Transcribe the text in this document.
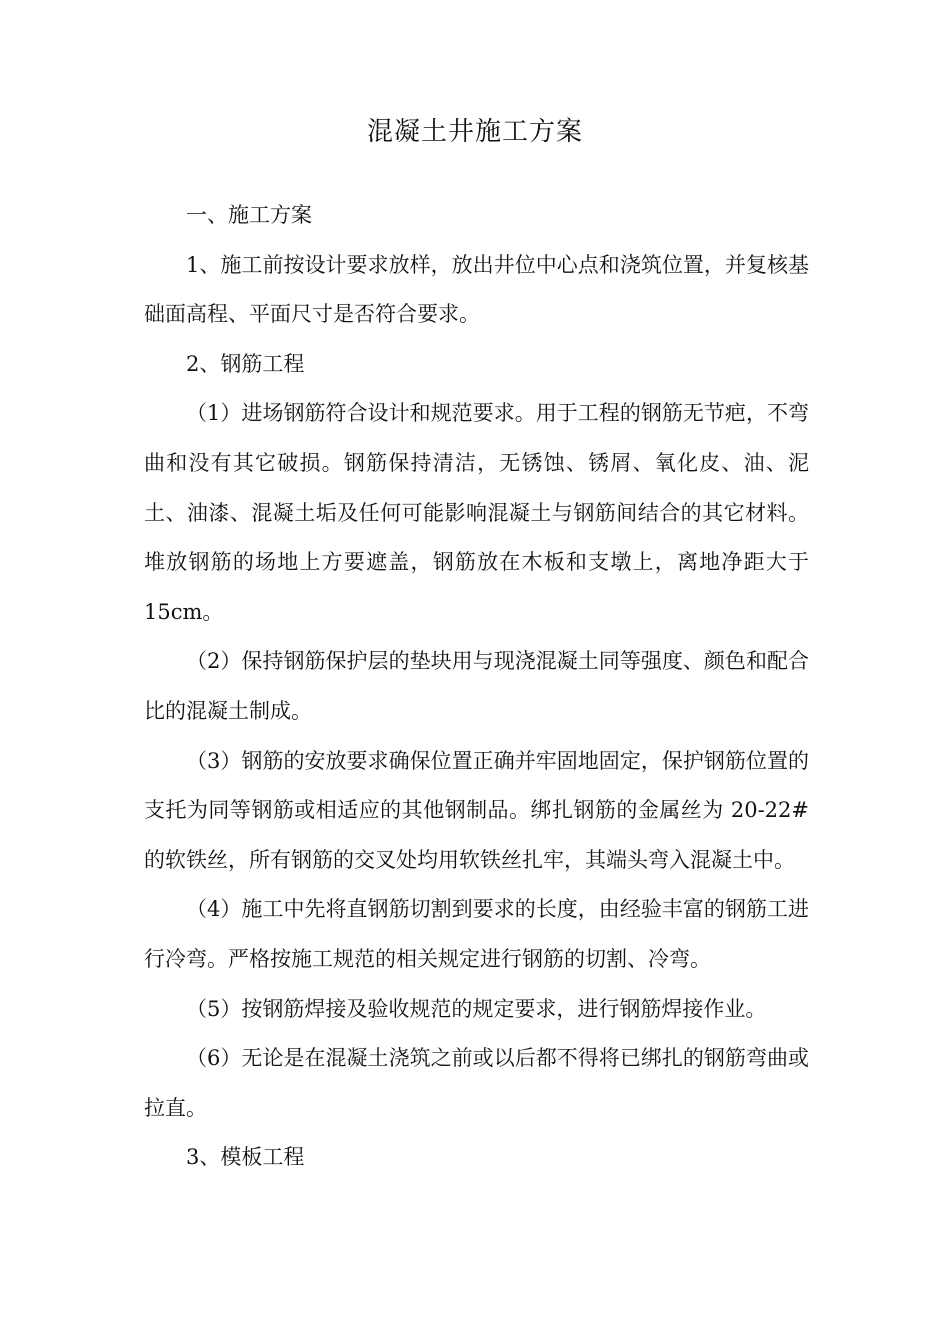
混凝土井施工方案

一、施工方案

1、施工前按设计要求放样，放出井位中心点和浇筑位置，并复核基础面高程、平面尺寸是否符合要求。

2、钢筋工程

（1）进场钢筋符合设计和规范要求。用于工程的钢筋无节疤，不弯曲和没有其它破损。钢筋保持清洁，无锈蚀、锈屑、氧化皮、油、泥土、油漆、混凝土垢及任何可能影响混凝土与钢筋间结合的其它材料。堆放钢筋的场地上方要遮盖，钢筋放在木板和支墩上，离地净距大于 15cm。

（2）保持钢筋保护层的垫块用与现浇混凝土同等强度、颜色和配合比的混凝土制成。

（3）钢筋的安放要求确保位置正确并牢固地固定，保护钢筋位置的支托为同等钢筋或相适应的其他钢制品。绑扎钢筋的金属丝为 20-22#的软铁丝，所有钢筋的交叉处均用软铁丝扎牢，其端头弯入混凝土中。

（4）施工中先将直钢筋切割到要求的长度，由经验丰富的钢筋工进行冷弯。严格按施工规范的相关规定进行钢筋的切割、冷弯。

（5）按钢筋焊接及验收规范的规定要求，进行钢筋焊接作业。

（6）无论是在混凝土浇筑之前或以后都不得将已绑扎的钢筋弯曲或拉直。

3、模板工程
